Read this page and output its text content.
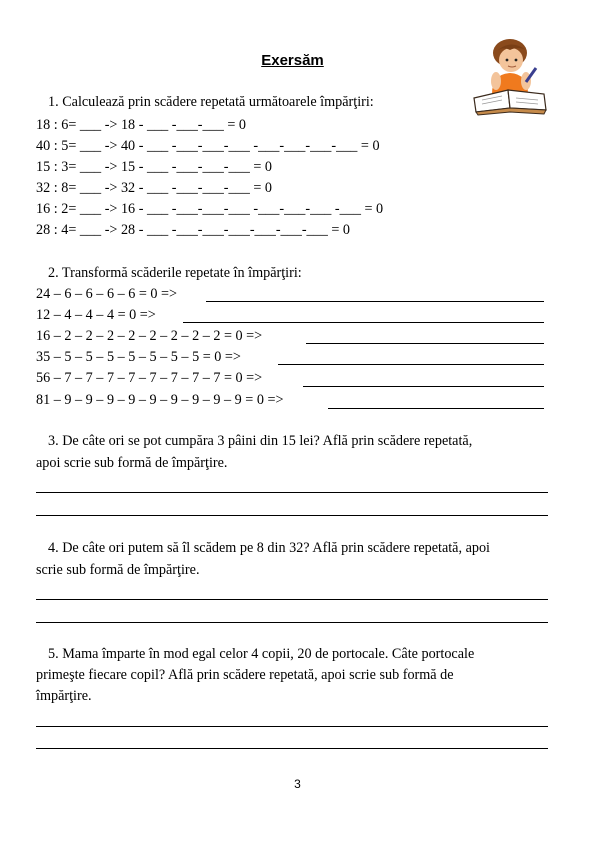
Exersăm
1. Calculează prin scădere repetată următoarele împărţiri:
18 : 6= ___ -> 18 - ___ -___-___ = 0
40 : 5= ___ -> 40 - ___ -___-___-___ -___-___-___-___ = 0
15 : 3= ___ -> 15 - ___ -___-___-___ = 0
32 : 8= ___ -> 32 - ___ -___-___-___ = 0
16 : 2= ___ -> 16 - ___ -___-___-___ -___-___-___ -___ = 0
28 : 4= ___ -> 28 - ___ -___-___-___-___-___-___ = 0
2. Transformă scăderile repetate în împărţiri:
24 – 6 – 6 – 6 – 6 = 0 =>
12 – 4 – 4 – 4 = 0 =>
16 – 2 – 2 – 2 – 2 – 2 – 2 – 2 – 2 = 0 =>
35 – 5 – 5 – 5 – 5 – 5 – 5 – 5 = 0 =>
56 – 7 – 7 – 7 – 7 – 7 – 7 – 7 – 7 = 0 =>
81 – 9 – 9 – 9 – 9 – 9 – 9 – 9 – 9 – 9 = 0 =>
3. De câte ori se pot cumpăra 3 pâini din 15 lei? Află prin scădere repetată,
apoi scrie sub formă de împărţire.
4. De câte ori putem să îl scădem pe 8 din 32? Află prin scădere repetată, apoi
scrie sub formă de împărţire.
5. Mama împarte în mod egal celor 4 copii, 20 de portocale. Câte portocale
primeşte fiecare copil? Află prin scădere repetată, apoi scrie sub formă de
împărţire.
3
